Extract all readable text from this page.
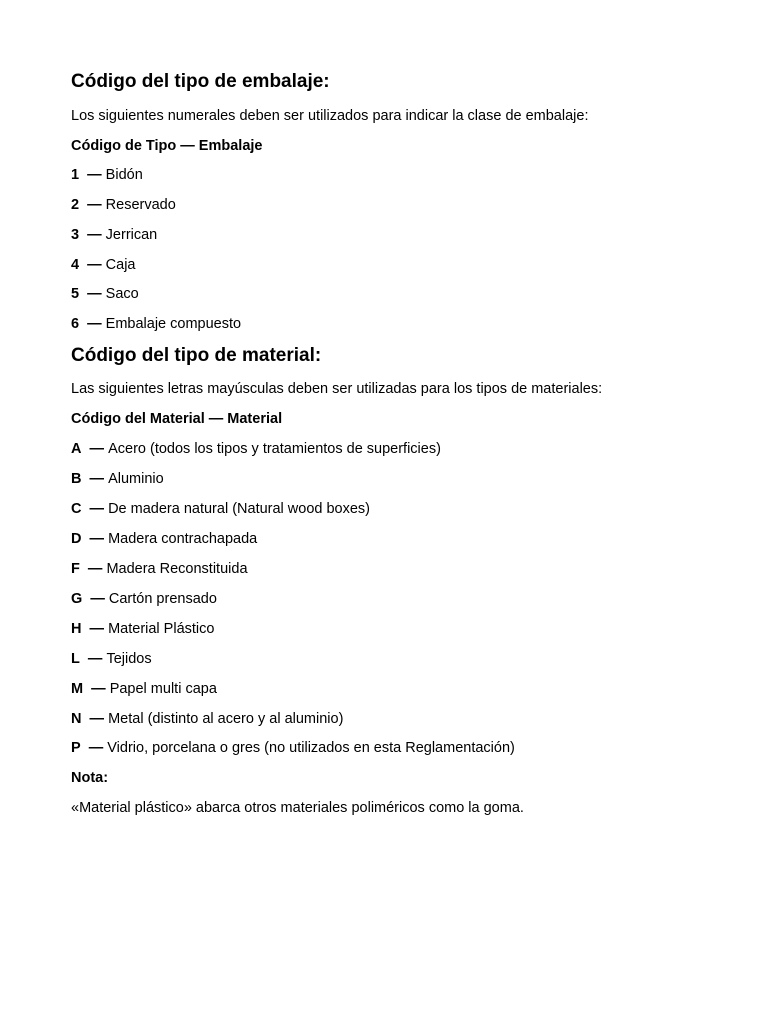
Código del tipo de embalaje:
Los siguientes numerales deben ser utilizados para indicar la clase de embalaje:
Código de Tipo — Embalaje
1 — Bidón
2 — Reservado
3 — Jerrican
4 — Caja
5 — Saco
6 — Embalaje compuesto
Código del tipo de material:
Las siguientes letras mayúsculas deben ser utilizadas para los tipos de materiales:
Código del Material — Material
A — Acero (todos los tipos y tratamientos de superficies)
B — Aluminio
C — De madera natural (Natural wood boxes)
D — Madera contrachapada
F — Madera Reconstituida
G — Cartón prensado
H — Material Plástico
L — Tejidos
M — Papel multi capa
N — Metal (distinto al acero y al aluminio)
P — Vidrio, porcelana o gres (no utilizados en esta Reglamentación)
Nota:
«Material plástico» abarca otros materiales poliméricos como la goma.
